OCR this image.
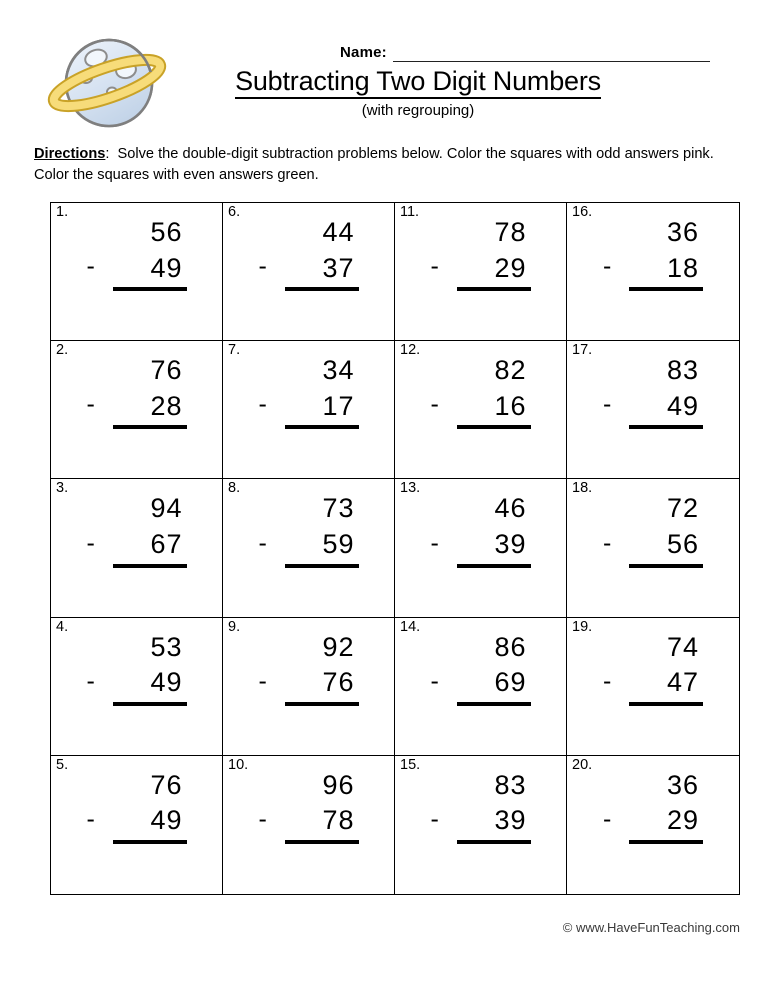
Name:
Subtracting Two Digit Numbers
(with regrouping)
Directions: Solve the double-digit subtraction problems below. Color the squares with odd answers pink. Color the squares with even answers green.
1.
56
49
-
6.
44
37
-
11.
78
29
-
16.
36
18
-
2.
76
28
-
7.
34
17
-
12.
82
16
-
17.
83
49
-
3.
94
67
-
8.
73
59
-
13.
46
39
-
18.
72
56
-
4.
53
49
-
9.
92
76
-
14.
86
69
-
19.
74
47
-
5.
76
49
-
10.
96
78
-
15.
83
39
-
20.
36
29
-
© www.HaveFunTeaching.com
